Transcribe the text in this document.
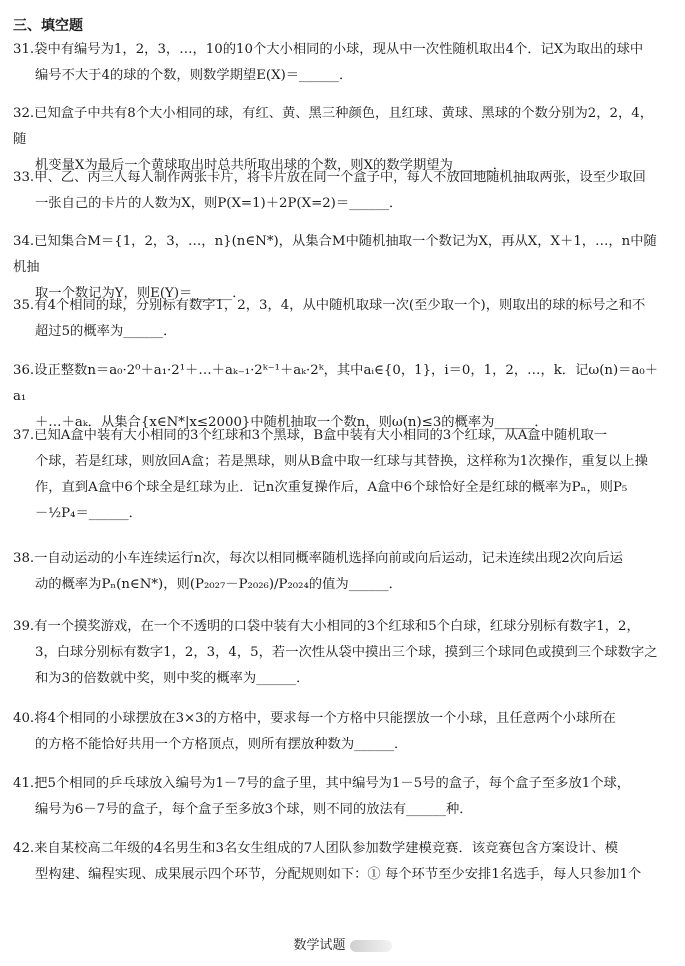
三、填空题
31.袋中有编号为1，2，3，…，10的10个大小相同的小球，现从中一次性随机取出4个．记X为取出的球中
编号不大于4的球的个数，则数学期望E(X)＝______．
32.已知盒子中共有8个大小相同的球，有红、黄、黑三种颜色，且红球、黄球、黑球的个数分别为2，2，4，随
机变量X为最后一个黄球取出时总共所取出球的个数，则X的数学期望为______．
33.甲、乙、丙三人每人制作两张卡片，将卡片放在同一个盒子中，每人不放回地随机抽取两张，设至少取回
一张自己的卡片的人数为X，则P(X=1)＋2P(X=2)＝______．
34.已知集合M＝{1，2，3，…，n}(n∈N*)，从集合M中随机抽取一个数记为X，再从X，X＋1，…，n中随机抽
取一个数记为Y，则E(Y)＝______．
35.有4个相同的球，分别标有数字1，2，3，4，从中随机取球一次(至少取一个)，则取出的球的标号之和不
超过5的概率为______．
36.设正整数n＝a₀·2⁰＋a₁·2¹＋…＋aₖ₋₁·2ᵏ⁻¹＋aₖ·2ᵏ，其中aᵢ∈{0，1}，i＝0，1，2，…，k．记ω(n)＝a₀＋a₁
＋…＋aₖ．从集合{x∈N*|x≤2000}中随机抽取一个数n，则ω(n)≤3的概率为______．
37.已知A盒中装有大小相同的3个红球和3个黑球，B盒中装有大小相同的3个红球，从A盒中随机取一
个球，若是红球，则放回A盒；若是黑球，则从B盒中取一红球与其替换，这样称为1次操作，重复以上操
作，直到A盒中6个球全是红球为止．记n次重复操作后，A盒中6个球恰好全是红球的概率为Pₙ，则P₅
－½P₄＝______．
38.一自动运动的小车连续运行n次，每次以相同概率随机选择向前或向后运动，记未连续出现2次向后运
动的概率为Pₙ(n∈N*)，则(P₂₀₂₇－P₂₀₂₆)/P₂₀₂₄的值为______．
39.有一个摸奖游戏，在一个不透明的口袋中装有大小相同的3个红球和5个白球，红球分别标有数字1，2，
3，白球分别标有数字1，2，3，4，5，若一次性从袋中摸出三个球，摸到三个球同色或摸到三个球数字之
和为3的倍数就中奖，则中奖的概率为______．
40.将4个相同的小球摆放在3×3的方格中，要求每一个方格中只能摆放一个小球，且任意两个小球所在
的方格不能恰好共用一个方格顶点，则所有摆放种数为______．
41.把5个相同的乒乓球放入编号为1－7号的盒子里，其中编号为1－5号的盒子，每个盒子至多放1个球，
编号为6－7号的盒子，每个盒子至多放3个球，则不同的放法有______种．
42.来自某校高二年级的4名男生和3名女生组成的7人团队参加数学建模竞赛．该竞赛包含方案设计、模
型构建、编程实现、成果展示四个环节，分配规则如下：① 每个环节至少安排1名选手，每人只参加1个
数学试题
